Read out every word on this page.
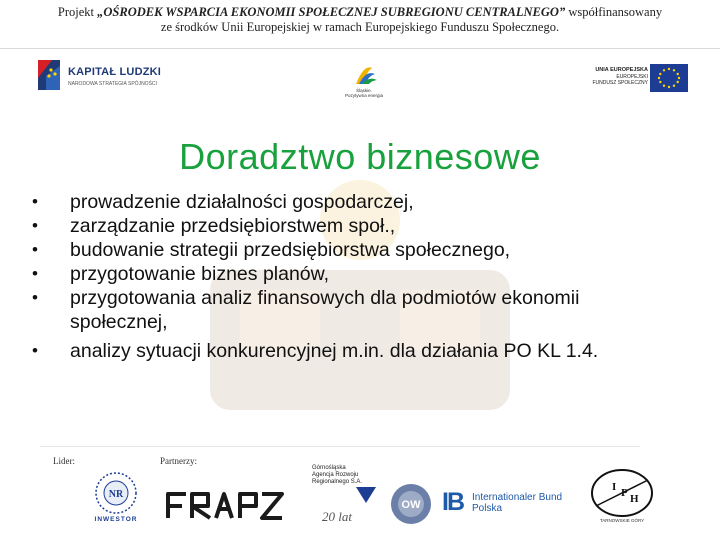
Projekt „OŚRODEK WSPARCIA EKONOMII SPOŁECZNEJ SUBREGIONU CENTRALNEGO” współfinansowany
ze środków Unii Europejskiej w ramach Europejskiego Funduszu Społecznego.
KAPITAŁ LUDZKI
NARODOWA STRATEGIA SPÓJNOŚCI
Śląskie.
Pozytywna energia
UNIA EUROPEJSKA
EUROPEJSKI
FUNDUSZ SPOŁECZNY
Doradztwo biznesowe
• prowadzenie działalności gospodarczej,
• zarządzanie przedsiębiorstwem społ.,
• budowanie strategii przedsiębiorstwa społecznego,
• przygotowanie biznes planów,
• przygotowania analiz finansowych dla podmiotów ekonomii społecznej,
• analizy sytuacji konkurencyjnej m.in. dla działania PO KL 1.4.
Lider:	Partnerzy:
NR
INWESTOR
Górnośląska
Agencja Rozwoju
Regionalnego S.A.
20 lat
OW IB Internationaler Bund
Polska
I P H
TARNOWSKIE GÓRY
